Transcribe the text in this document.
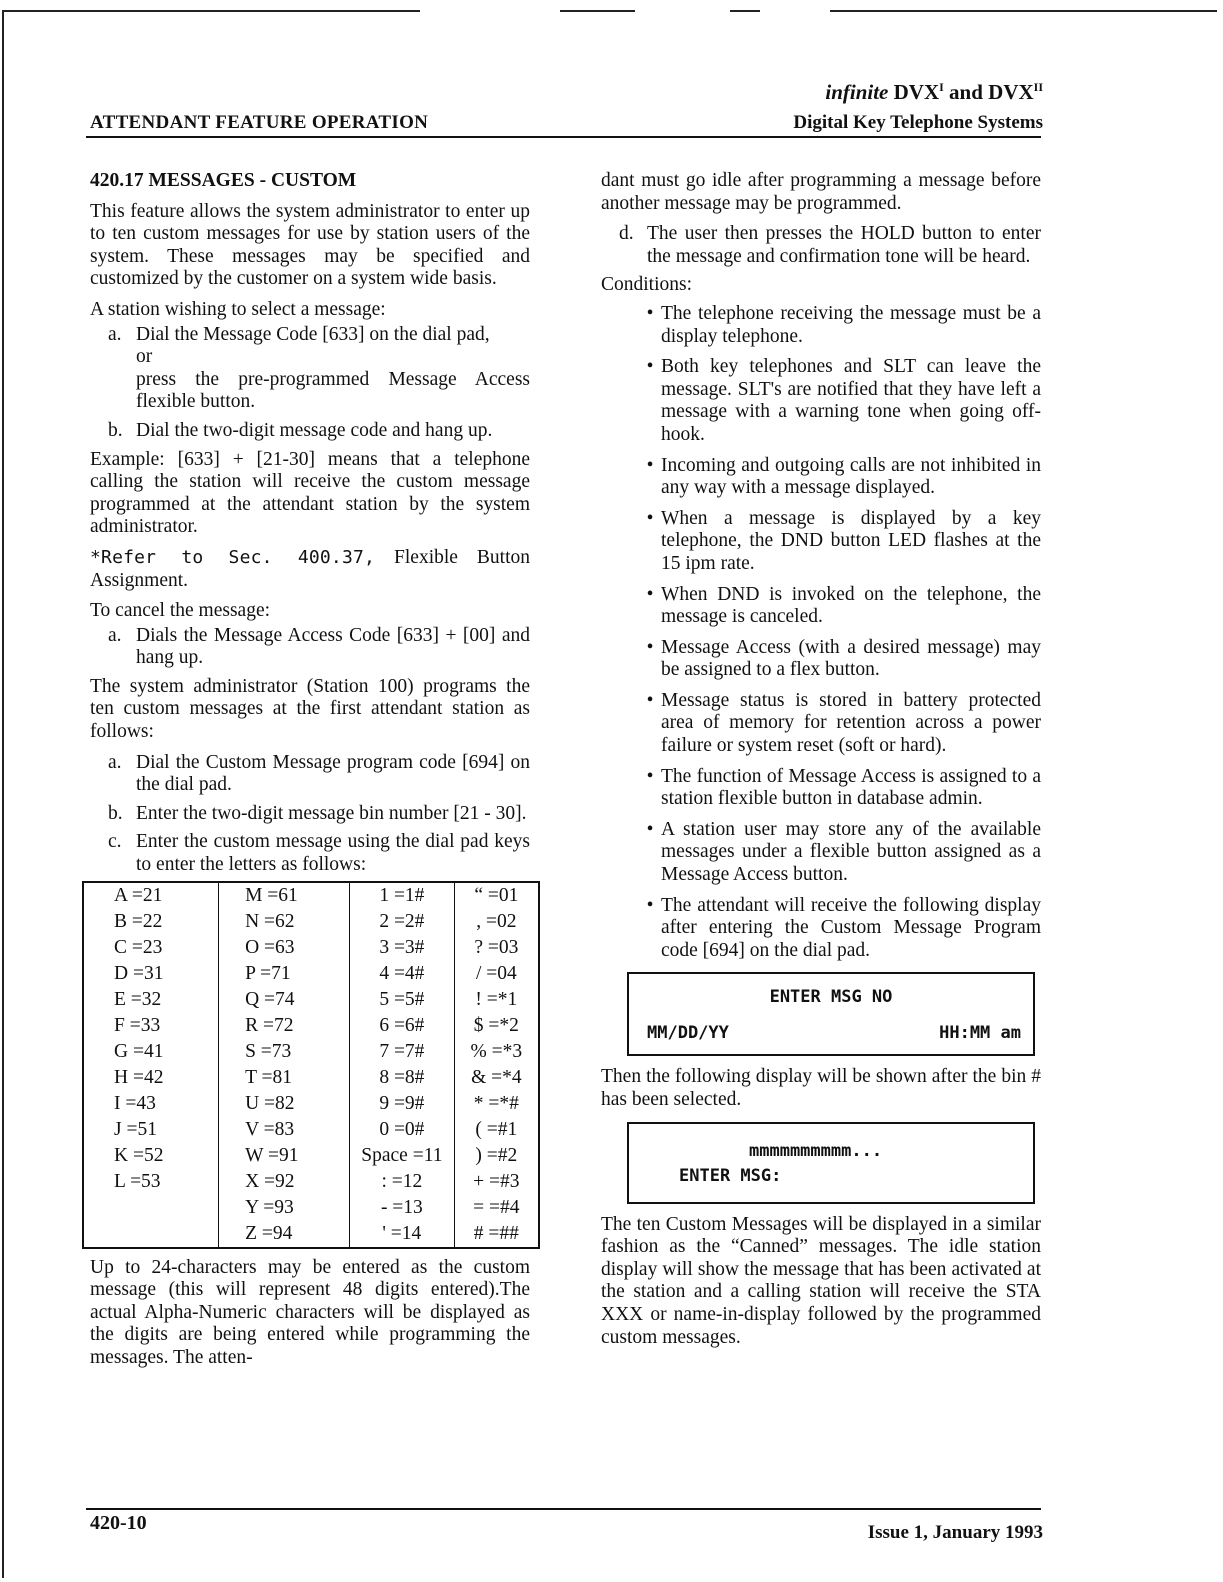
infinite $DVX^I$ and $DVX^{II}$
ATTENDANT FEATURE OPERATION	Digital Key Telephone Systems
420.17 MESSAGES - CUSTOM

This feature allows the system administrator to enter up to ten custom messages for use by station users of the system. These messages may be specified and customized by the customer on a system wide basis.

A station wishing to select a message:

a. Dial the Message Code [633] on the dial pad,
or
press the pre-programmed Message Access flexible button.
b. Dial the two-digit message code and hang up.

Example: [633] + [21-30] means that a telephone calling the station will receive the custom message programmed at the attendant station by the system administrator.

*Refer to Sec. 400.37, Flexible Button Assignment.

To cancel the message:

a. Dials the Message Access Code [633] + [00] and hang up.

The system administrator (Station 100) programs the ten custom messages at the first attendant station as follows:

a. Dial the Custom Message program code [694] on the dial pad.
b. Enter the two-digit message bin number [21 - 30].
c. Enter the custom message using the dial pad keys to enter the letters as follows:
A =21	M =61	1 =1#	“ =01
B =22	N =62	2 =2#	, =02
C =23	O =63	3 =3#	? =03
D =31	P =71	4 =4#	/ =04
E =32	Q =74	5 =5#	! =*1
F =33	R =72	6 =6#	$ =*2
G =41	S =73	7 =7#	% =*3
H =42	T =81	8 =8#	& =*4
I =43	U =82	9 =9#	* =*#
J =51	V =83	0 =0#	( =#1
K =52	W =91	Space =11	) =#2
L =53	X =92	: =12	+ =#3
	Y =93	- =13	= =#4
	Z =94	' =14	# =##

Up to 24-characters may be entered as the custom message (this will represent 48 digits entered).The actual Alpha-Numeric characters will be displayed as the digits are being entered while programming the messages. The atten-

dant must go idle after programming a message before another message may be programmed.

d. The user then presses the HOLD button to enter the message and confirmation tone will be heard.

Conditions:

• The telephone receiving the message must be a display telephone.
• Both key telephones and SLT can leave the message. SLT's are notified that they have left a message with a warning tone when going off-hook.
• Incoming and outgoing calls are not inhibited in any way with a message displayed.
• When a message is displayed by a key telephone, the DND button LED flashes at the 15 ipm rate.
• When DND is invoked on the telephone, the message is canceled.
• Message Access (with a desired message) may be assigned to a flex button.
• Message status is stored in battery protected area of memory for retention across a power failure or system reset (soft or hard).
• The function of Message Access is assigned to a station flexible button in database admin.
• A station user may store any of the available messages under a flexible button assigned as a Message Access button.
• The attendant will receive the following display after entering the Custom Message Program code [694] on the dial pad.
ENTER MSG NO
MM/DD/YY	HH:MM am

Then the following display will be shown after the bin # has been selected.

mmmmmmmmmm...
ENTER MSG:

The ten Custom Messages will be displayed in a similar fashion as the “Canned” messages. The idle station display will show the message that has been activated at the station and a calling station will receive the STA XXX or name-in-display followed by the programmed custom messages.

420-10	Issue 1, January 1993
